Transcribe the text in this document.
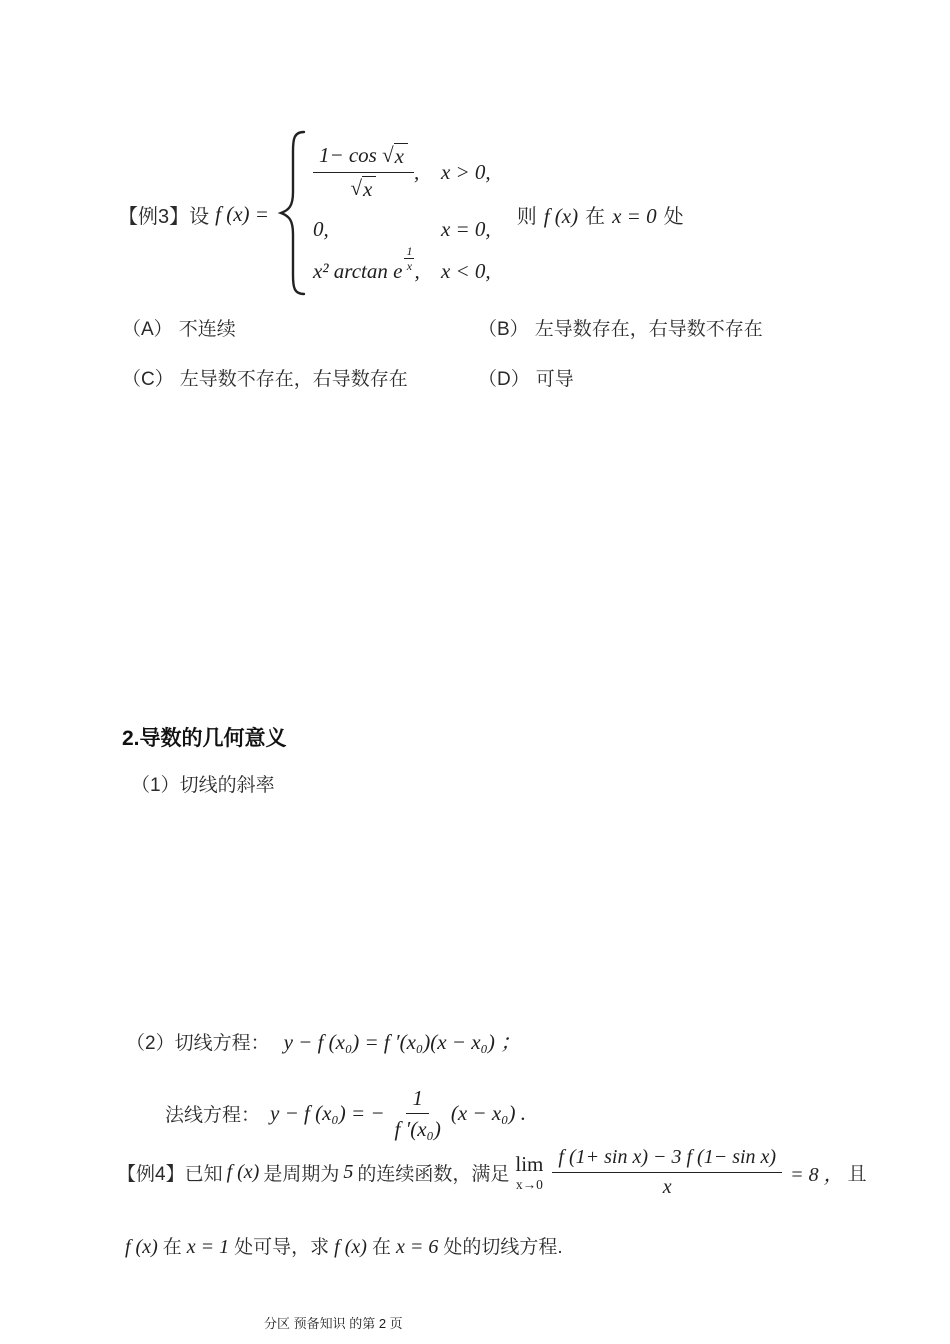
【例3】设 f (x) =
$\frac{1- \cos √ x}{√ x}$ , x > 0,
0,	x = 0,
x² arctan e
1
x , x < 0,
则 f (x) 在 x = 0 处
（A） 不连续	（B） 左导数存在，右导数不存在
（C） 左导数不存在，右导数存在	（D） 可导
2.导数的几何意义
（1）切线的斜率
（2）切线方程： y − f (x₀) = f ′(x₀)(x − x₀) ；
法线方程： y − f (x₀) = − $\frac{1}{\text{f ′(x₀)}} (x - x_0)$ .
【例4】已知 f (x) 是周期为 5 的连续函数，满足 lim
$x\to 0 \frac{\text{f (1+ sin x) − 3 f (1− sin x)}}{x} = 8$ ， 且
f (x) 在 x = 1 处可导，求 f (x) 在 x = 6 处的切线方程.
分区 预备知识 的第 2 页
